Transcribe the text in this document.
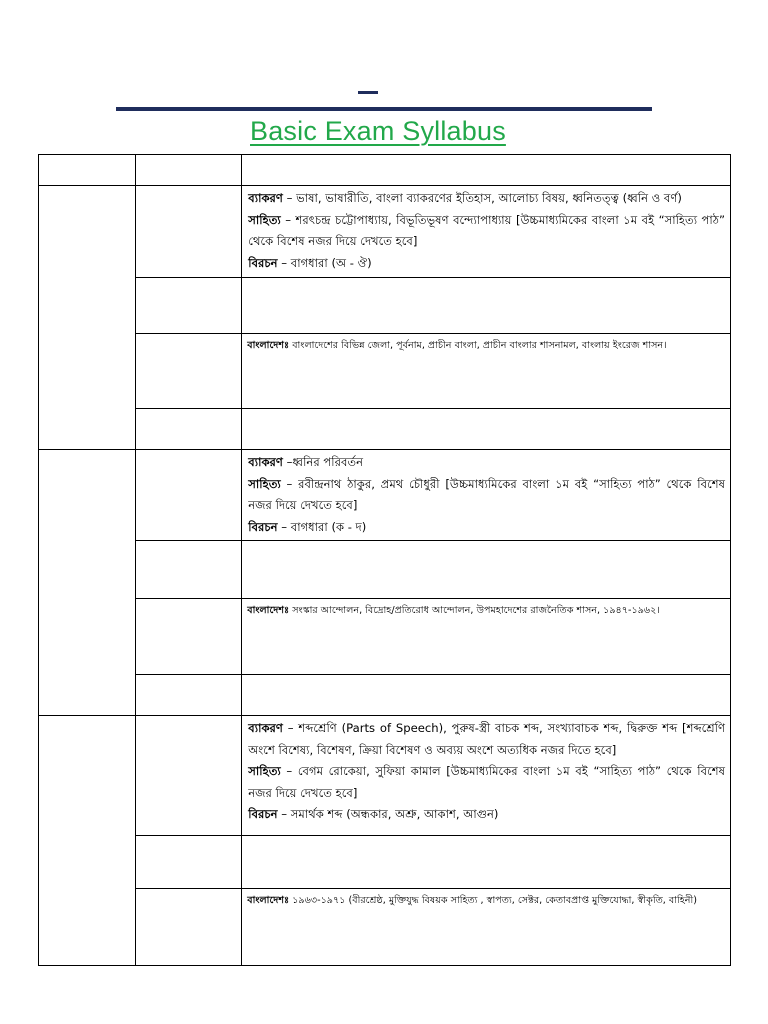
Basic Exam Syllabus

		ব্যাকরণ – ভাষা, ভাষারীতি, বাংলা ব্যাকরণের ইতিহাস, আলোচ্য বিষয়, ধ্বনিতত্ত্ব (ধ্বনি ও বর্ণ)
সাহিত্য – শরৎচন্দ্র চট্টোপাধ্যায়, বিভূতিভূষণ বন্দ্যোপাধ্যায় [উচ্চমাধ্যমিকের বাংলা ১ম বই “সাহিত্য পাঠ” থেকে বিশেষ নজর দিয়ে দেখতে হবে]
বিরচন – বাগধারা (অ - ঔ)

		বাংলাদেশঃ বাংলাদেশের বিভিন্ন জেলা, পূর্বনাম, প্রাচীন বাংলা, প্রাচীন বাংলার শাসনামল, বাংলায় ইংরেজ শাসন।

		ব্যাকরণ –ধ্বনির পরিবর্তন
সাহিত্য – রবীন্দ্রনাথ ঠাকুর, প্রমথ চৌধুরী [উচ্চমাধ্যমিকের বাংলা ১ম বই “সাহিত্য পাঠ” থেকে বিশেষ নজর দিয়ে দেখতে হবে]
বিরচন – বাগধারা (ক - দ)

		বাংলাদেশঃ সংস্কার আন্দোলন, বিদ্রোহ/প্রতিরোধ আন্দোলন, উপমহাদেশের রাজনৈতিক শাসন, ১৯৪৭-১৯৬২।

		ব্যাকরণ – শব্দশ্রেণি (Parts of Speech), পুরুষ-স্ত্রী বাচক শব্দ, সংখ্যাবাচক শব্দ, দ্বিরুক্ত শব্দ [শব্দশ্রেণি অংশে বিশেষ্য, বিশেষণ, ক্রিয়া বিশেষণ ও অব্যয় অংশে অত্যধিক নজর দিতে হবে]
সাহিত্য – বেগম রোকেয়া, সুফিয়া কামাল [উচ্চমাধ্যমিকের বাংলা ১ম বই “সাহিত্য পাঠ” থেকে বিশেষ নজর দিয়ে দেখতে হবে]
বিরচন – সমার্থক শব্দ (অন্ধকার, অশ্রু, আকাশ, আগুন)

		বাংলাদেশঃ ১৯৬৩-১৯৭১ (বীরশ্রেষ্ঠ, মুক্তিযুদ্ধ বিষয়ক সাহিত্য , স্বাপত্য, সেক্টর, কেতাবপ্রাপ্ত মুক্তিযোদ্ধা, স্বীকৃতি, বাহিনী)
